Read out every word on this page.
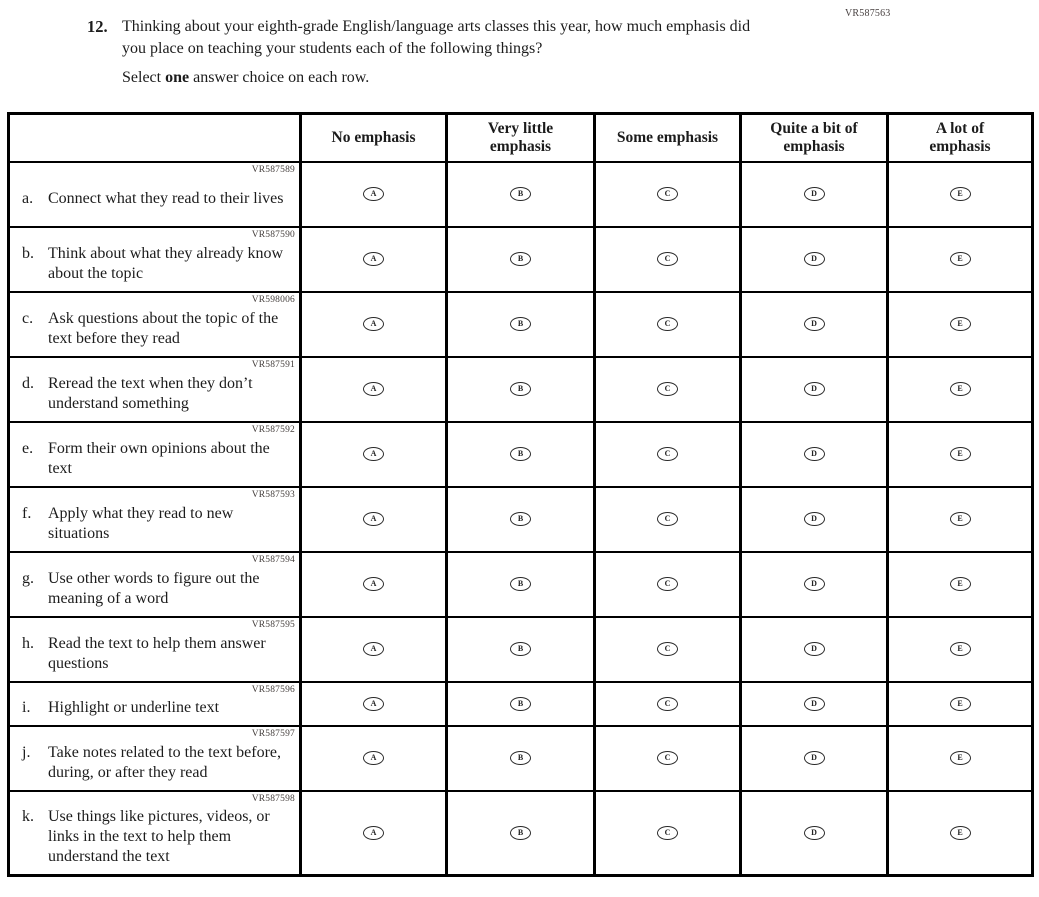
VR587563
12. Thinking about your eighth-grade English/language arts classes this year, how much emphasis did you place on teaching your students each of the following things?
Select one answer choice on each row.

No emphasis

Very little
emphasis

Some emphasis

Quite a bit of
emphasis

A lot of
emphasis

VR587589
a. Connect what they read to their lives	A	B	C	D	E

VR587590
b. Think about what they already know about the topic	A	B	C	D	E

VR598006
c. Ask questions about the topic of the text before they read	A	B	C	D	E

VR587591
d. Reread the text when they don’t understand something	A	B	C	D	E

VR587592
e. Form their own opinions about the text	A	B	C	D	E

VR587593
f. Apply what they read to new situations	A	B	C	D	E

VR587594
g. Use other words to figure out the meaning of a word	A	B	C	D	E

VR587595
h. Read the text to help them answer questions	A	B	C	D	E

VR587596
i. Highlight or underline text	A	B	C	D	E

VR587597
j. Take notes related to the text before, during, or after they read	A	B	C	D	E

VR587598
k. Use things like pictures, videos, or links in the text to help them understand the text	A	B	C	D	E
